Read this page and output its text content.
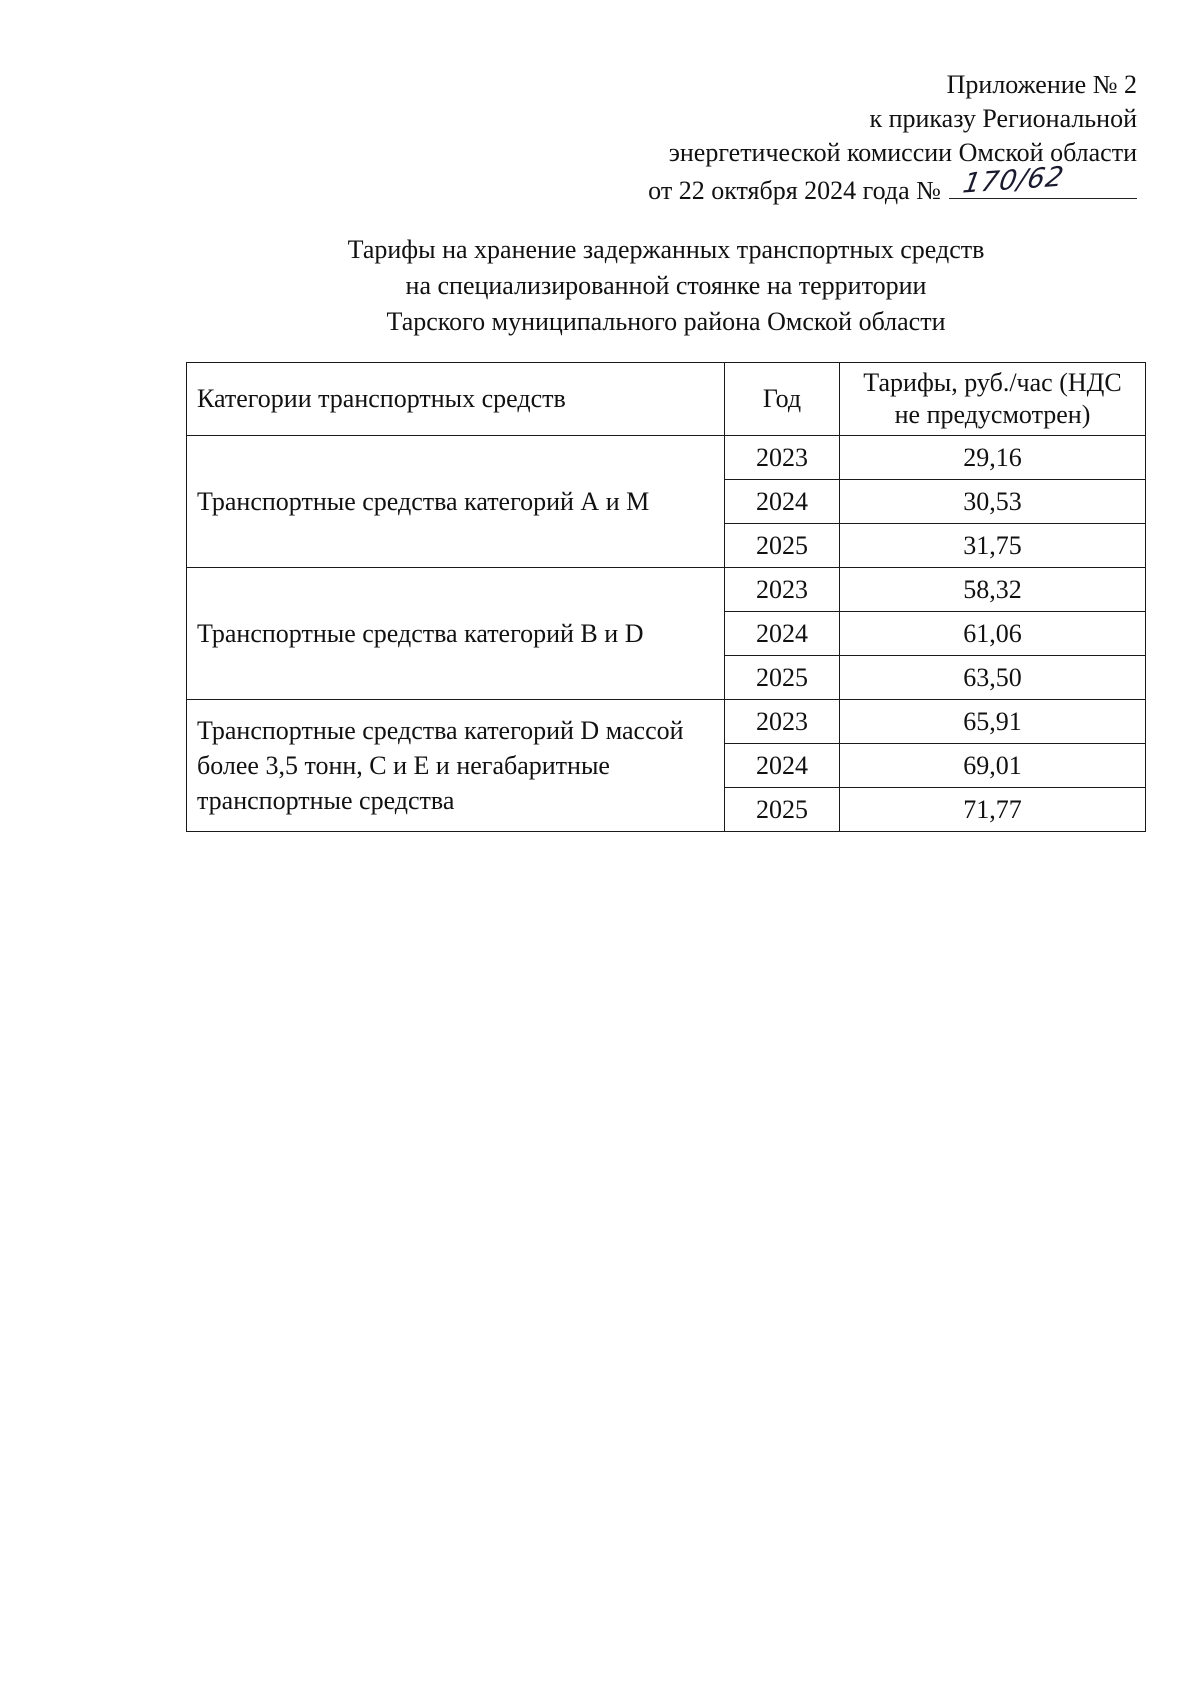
Приложение № 2
к приказу Региональной
энергетической комиссии Омской области
от 22 октября 2024 года № 170/62
Тарифы на хранение задержанных транспортных средств
на специализированной стоянке на территории
Тарского муниципального района Омской области
Категории транспортных средств	Год	Тарифы, руб./час (НДС
не предусмотрен)

Транспортные средства категорий А и М	2023	29,16
	2024	30,53
	2025	31,75
Транспортные средства категорий В и D	2023	58,32
	2024	61,06
	2025	63,50
Транспортные средства категорий D массой более 3,5 тонн, С и Е и негабаритные транспортные средства	2023	65,91
	2024	69,01
	2025	71,77
